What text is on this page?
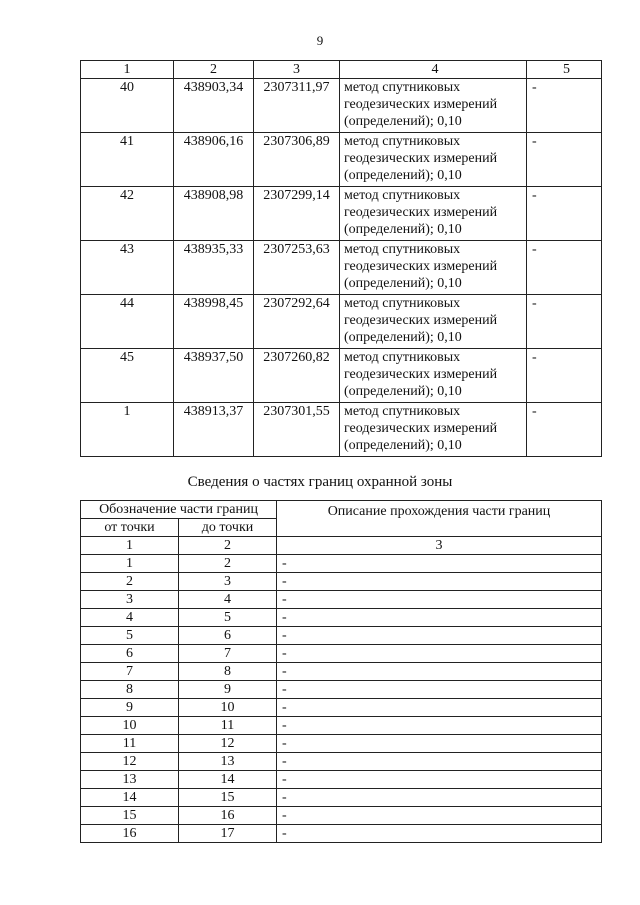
9
1	2	3	4	5
40	438903,34	2307311,97	метод спутниковых
геодезических измерений
(определений); 0,10	-
41	438906,16	2307306,89	метод спутниковых
геодезических измерений
(определений); 0,10	-
42	438908,98	2307299,14	метод спутниковых
геодезических измерений
(определений); 0,10	-
43	438935,33	2307253,63	метод спутниковых
геодезических измерений
(определений); 0,10	-
44	438998,45	2307292,64	метод спутниковых
геодезических измерений
(определений); 0,10	-
45	438937,50	2307260,82	метод спутниковых
геодезических измерений
(определений); 0,10	-
1	438913,37	2307301,55	метод спутниковых
геодезических измерений
(определений); 0,10	-
Сведения о частях границ охранной зоны
Обозначение части границ		Описание прохождения части границ
от точки	до точки	
1	2	3
1	2	-
2	3	-
3	4	-
4	5	-
5	6	-
6	7	-
7	8	-
8	9	-
9	10	-
10	11	-
11	12	-
12	13	-
13	14	-
14	15	-
15	16	-
16	17	-
